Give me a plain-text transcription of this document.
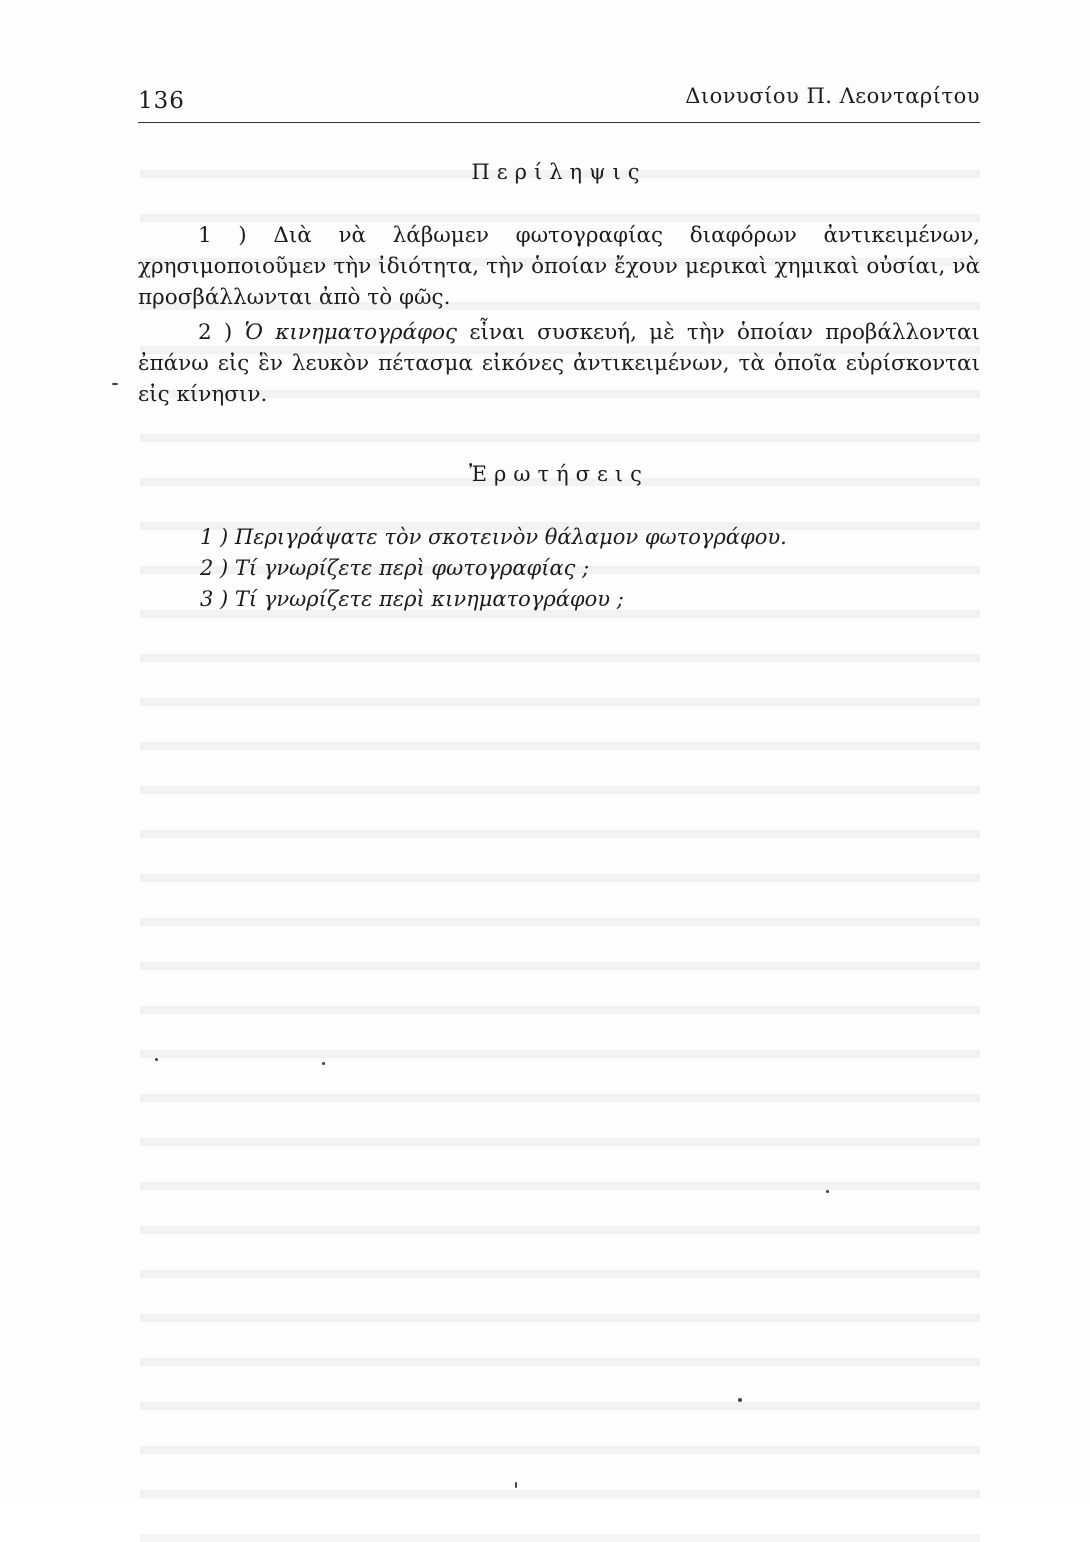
136	Διονυσίου Π. Λεονταρίτου
Περίληψις

1 ) Διὰ νὰ λάβωμεν φωτογραφίας διαφόρων ἀντικειμένων, χρησιμοποιοῦμεν τὴν ἰδιότητα, τὴν ὁποίαν ἔχουν μερικαὶ χημικαὶ οὐσίαι, νὰ προσβάλλωνται ἀπὸ τὸ φῶς.

2 ) Ὁ κινηματογράφος εἶναι συσκευή, μὲ τὴν ὁποίαν προβάλλονται ἐπάνω εἰς ἓν λευκὸν πέτασμα εἰκόνες ἀντικειμένων, τὰ ὁποῖα εὑρίσκονται εἰς κίνησιν.

Ἐρωτήσεις
1 ) Περιγράψατε τὸν σκοτεινὸν θάλαμον φωτογράφου.
2 ) Τί γνωρίζετε περὶ φωτογραφίας ;
3 ) Τί γνωρίζετε περὶ κινηματογράφου ;
